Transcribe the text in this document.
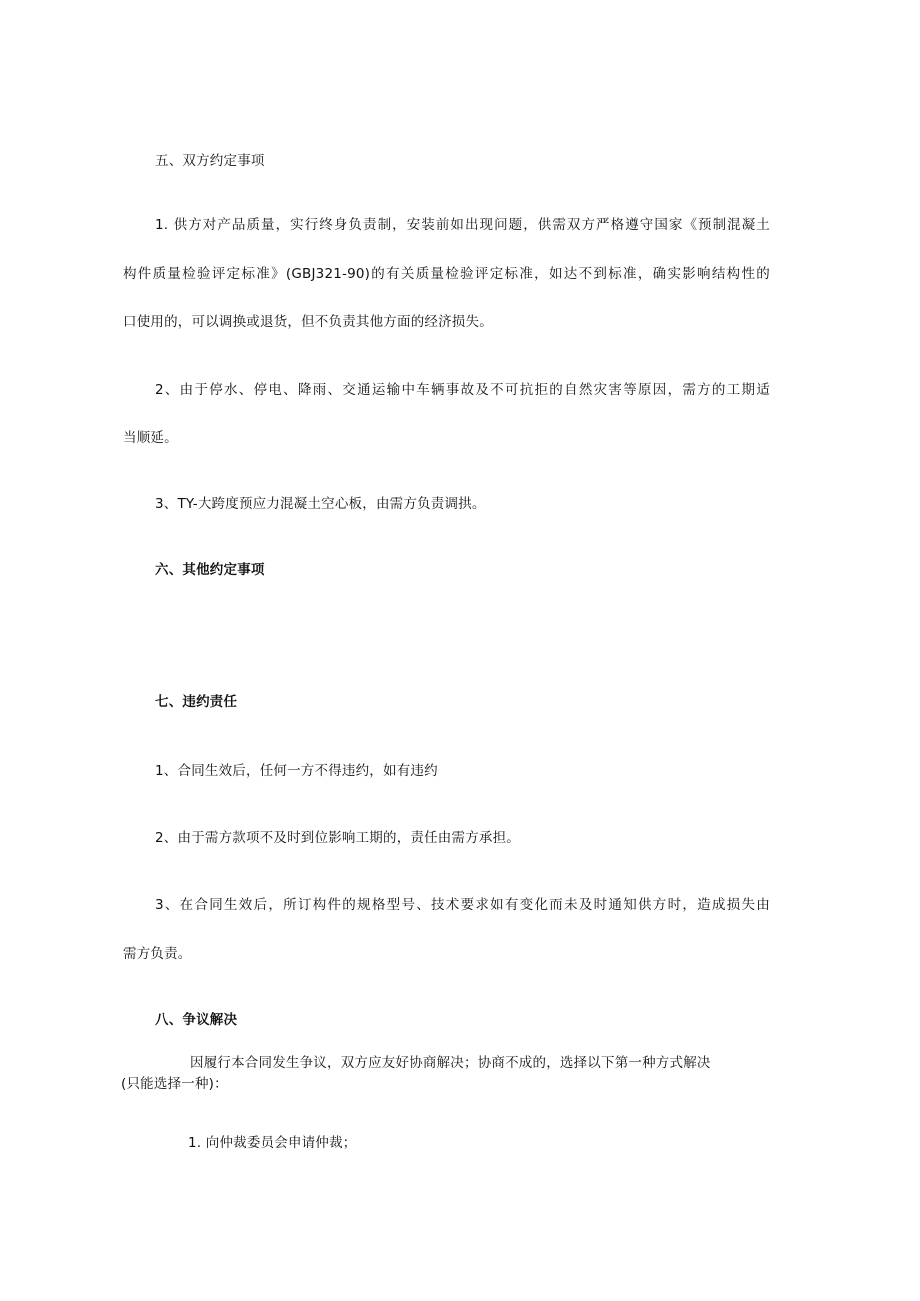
五、双方约定事项
1. 供方对产品质量，实行终身负责制，安装前如出现问题，供需双方严格遵守国家《预制混凝土
构件质量检验评定标准》(GBJ321-90)的有关质量检验评定标准，如达不到标准，确实影响结构性的
口使用的，可以调换或退货，但不负责其他方面的经济损失。
2、由于停水、停电、降雨、交通运输中车辆事故及不可抗拒的自然灾害等原因，需方的工期适
当顺延。
3、TY-大跨度预应力混凝土空心板，由需方负责调拱。
六、其他约定事项
七、违约责任
1、合同生效后，任何一方不得违约，如有违约
2、由于需方款项不及时到位影响工期的，责任由需方承担。
3、在合同生效后，所订构件的规格型号、技术要求如有变化而未及时通知供方时，造成损失由
需方负责。
八、争议解决
因履行本合同发生争议，双方应友好协商解决；协商不成的，选择以下第一种方式解决
(只能选择一种)：
1. 向仲裁委员会申请仲裁；
